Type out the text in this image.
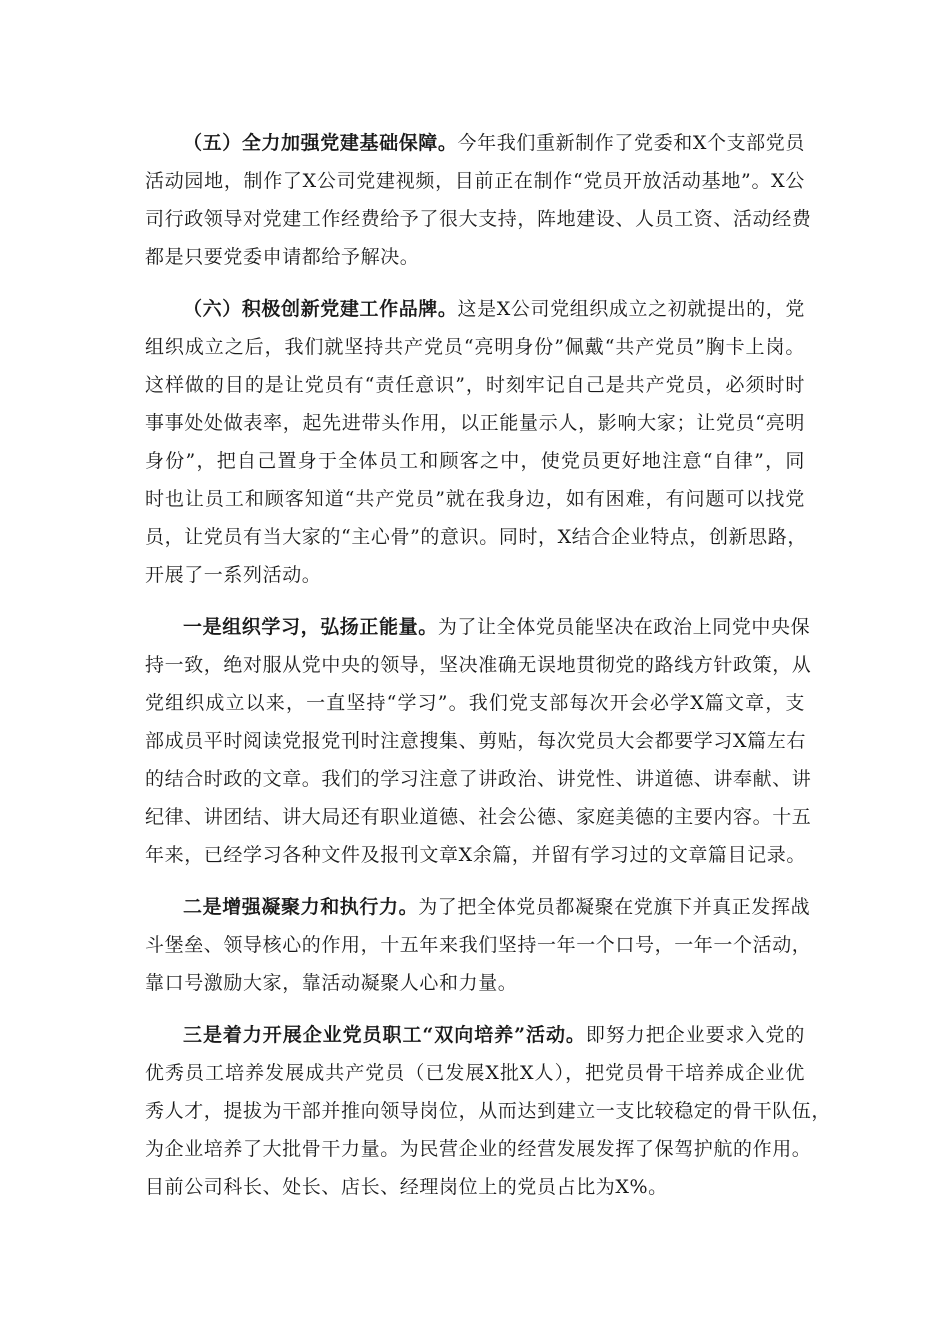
（五）全力加强党建基础保障。今年我们重新制作了党委和X个支部党员
活动园地，制作了X公司党建视频，目前正在制作“党员开放活动基地”。X公
司行政领导对党建工作经费给予了很大支持，阵地建设、人员工资、活动经费
都是只要党委申请都给予解决。
（六）积极创新党建工作品牌。这是X公司党组织成立之初就提出的，党
组织成立之后，我们就坚持共产党员“亮明身份”佩戴“共产党员”胸卡上岗。
这样做的目的是让党员有“责任意识”，时刻牢记自己是共产党员，必须时时
事事处处做表率，起先进带头作用，以正能量示人，影响大家；让党员“亮明
身份”，把自己置身于全体员工和顾客之中，使党员更好地注意“自律”，同
时也让员工和顾客知道“共产党员”就在我身边，如有困难，有问题可以找党
员，让党员有当大家的“主心骨”的意识。同时，X结合企业特点，创新思路，
开展了一系列活动。
一是组织学习，弘扬正能量。为了让全体党员能坚决在政治上同党中央保
持一致，绝对服从党中央的领导，坚决准确无误地贯彻党的路线方针政策，从
党组织成立以来，一直坚持“学习”。我们党支部每次开会必学X篇文章，支
部成员平时阅读党报党刊时注意搜集、剪贴，每次党员大会都要学习X篇左右
的结合时政的文章。我们的学习注意了讲政治、讲党性、讲道德、讲奉献、讲
纪律、讲团结、讲大局还有职业道德、社会公德、家庭美德的主要内容。十五
年来，已经学习各种文件及报刊文章X余篇，并留有学习过的文章篇目记录。
二是增强凝聚力和执行力。为了把全体党员都凝聚在党旗下并真正发挥战
斗堡垒、领导核心的作用，十五年来我们坚持一年一个口号，一年一个活动，
靠口号激励大家，靠活动凝聚人心和力量。
三是着力开展企业党员职工“双向培养”活动。即努力把企业要求入党的
优秀员工培养发展成共产党员（已发展X批X人），把党员骨干培养成企业优
秀人才，提拔为干部并推向领导岗位，从而达到建立一支比较稳定的骨干队伍，
为企业培养了大批骨干力量。为民营企业的经营发展发挥了保驾护航的作用。
目前公司科长、处长、店长、经理岗位上的党员占比为X%。
